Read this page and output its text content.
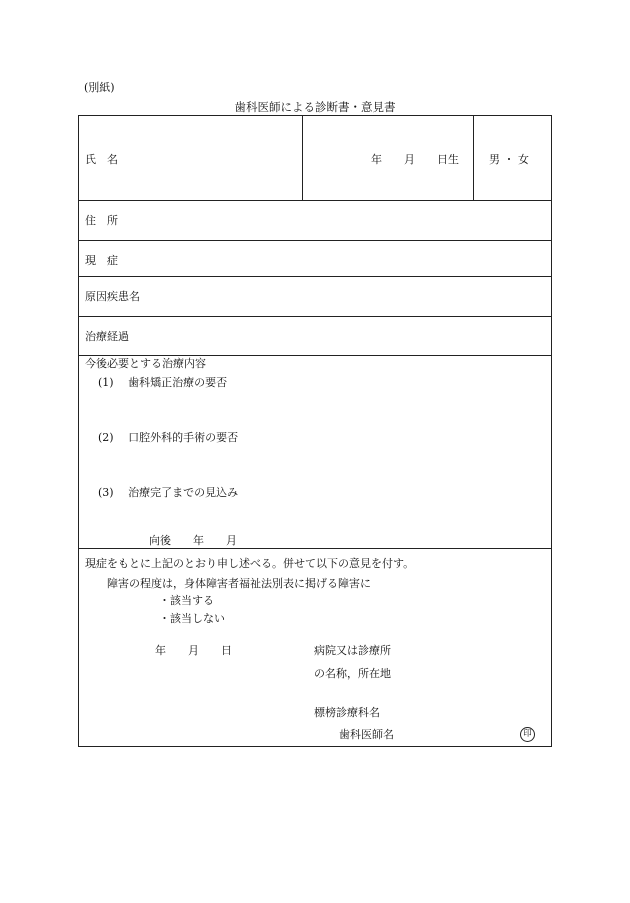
(別紙)
歯科医師による診断書・意見書
氏　名	年　　月　　日生	男 ・ 女
住　所
現　症
原因疾患名
治療経過
今後必要とする治療内容
(1)　 歯科矯正治療の要否
(2)　 口腔外科的手術の要否
(3)　 治療完了までの見込み
向後　　年　　月
現症をもとに上記のとおり申し述べる。併せて以下の意見を付す。
障害の程度は，身体障害者福祉法別表に掲げる障害に
・該当する
・該当しない
年　　月　　日	病院又は診療所
の名称，所在地
標榜診療科名
歯科医師名	印
